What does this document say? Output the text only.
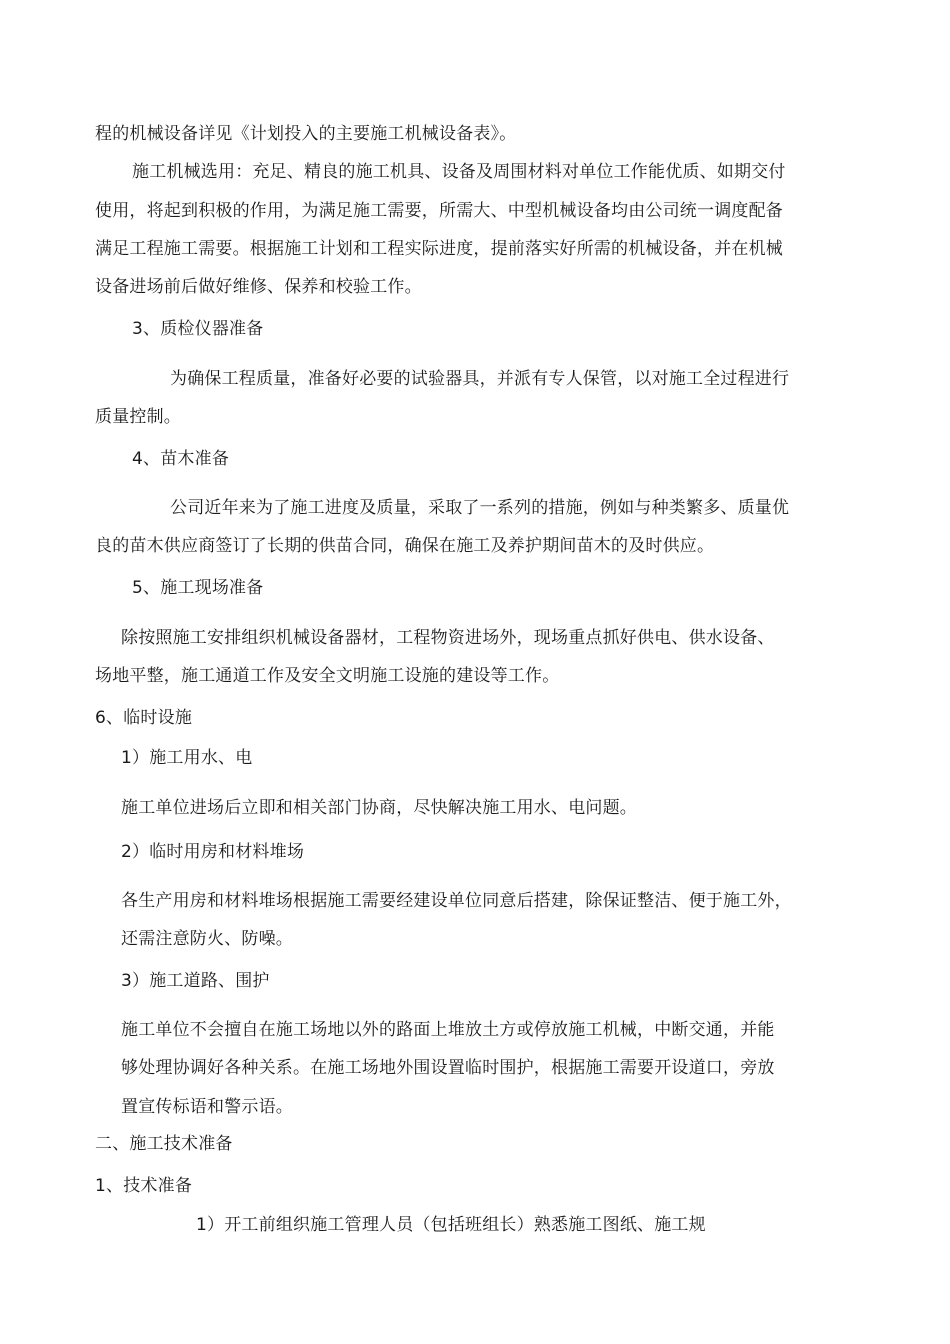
程的机械设备详见《计划投入的主要施工机械设备表》。
施工机械选用：充足、精良的施工机具、设备及周围材料对单位工作能优质、如期交付
使用，将起到积极的作用，为满足施工需要，所需大、中型机械设备均由公司统一调度配备
满足工程施工需要。根据施工计划和工程实际进度，提前落实好所需的机械设备，并在机械
设备进场前后做好维修、保养和校验工作。
3、质检仪器准备
为确保工程质量，准备好必要的试验器具，并派有专人保管，以对施工全过程进行
质量控制。
4、苗木准备
公司近年来为了施工进度及质量，采取了一系列的措施，例如与种类繁多、质量优
良的苗木供应商签订了长期的供苗合同，确保在施工及养护期间苗木的及时供应。
5、施工现场准备
除按照施工安排组织机械设备器材，工程物资进场外，现场重点抓好供电、供水设备、
场地平整，施工通道工作及安全文明施工设施的建设等工作。
6、临时设施
1）施工用水、电
施工单位进场后立即和相关部门协商，尽快解决施工用水、电问题。
2）临时用房和材料堆场
各生产用房和材料堆场根据施工需要经建设单位同意后搭建，除保证整洁、便于施工外，
还需注意防火、防噪。
3）施工道路、围护
施工单位不会擅自在施工场地以外的路面上堆放土方或停放施工机械，中断交通，并能
够处理协调好各种关系。在施工场地外围设置临时围护，根据施工需要开设道口，旁放
置宣传标语和警示语。
二、施工技术准备
1、技术准备
1）开工前组织施工管理人员（包括班组长）熟悉施工图纸、施工规
